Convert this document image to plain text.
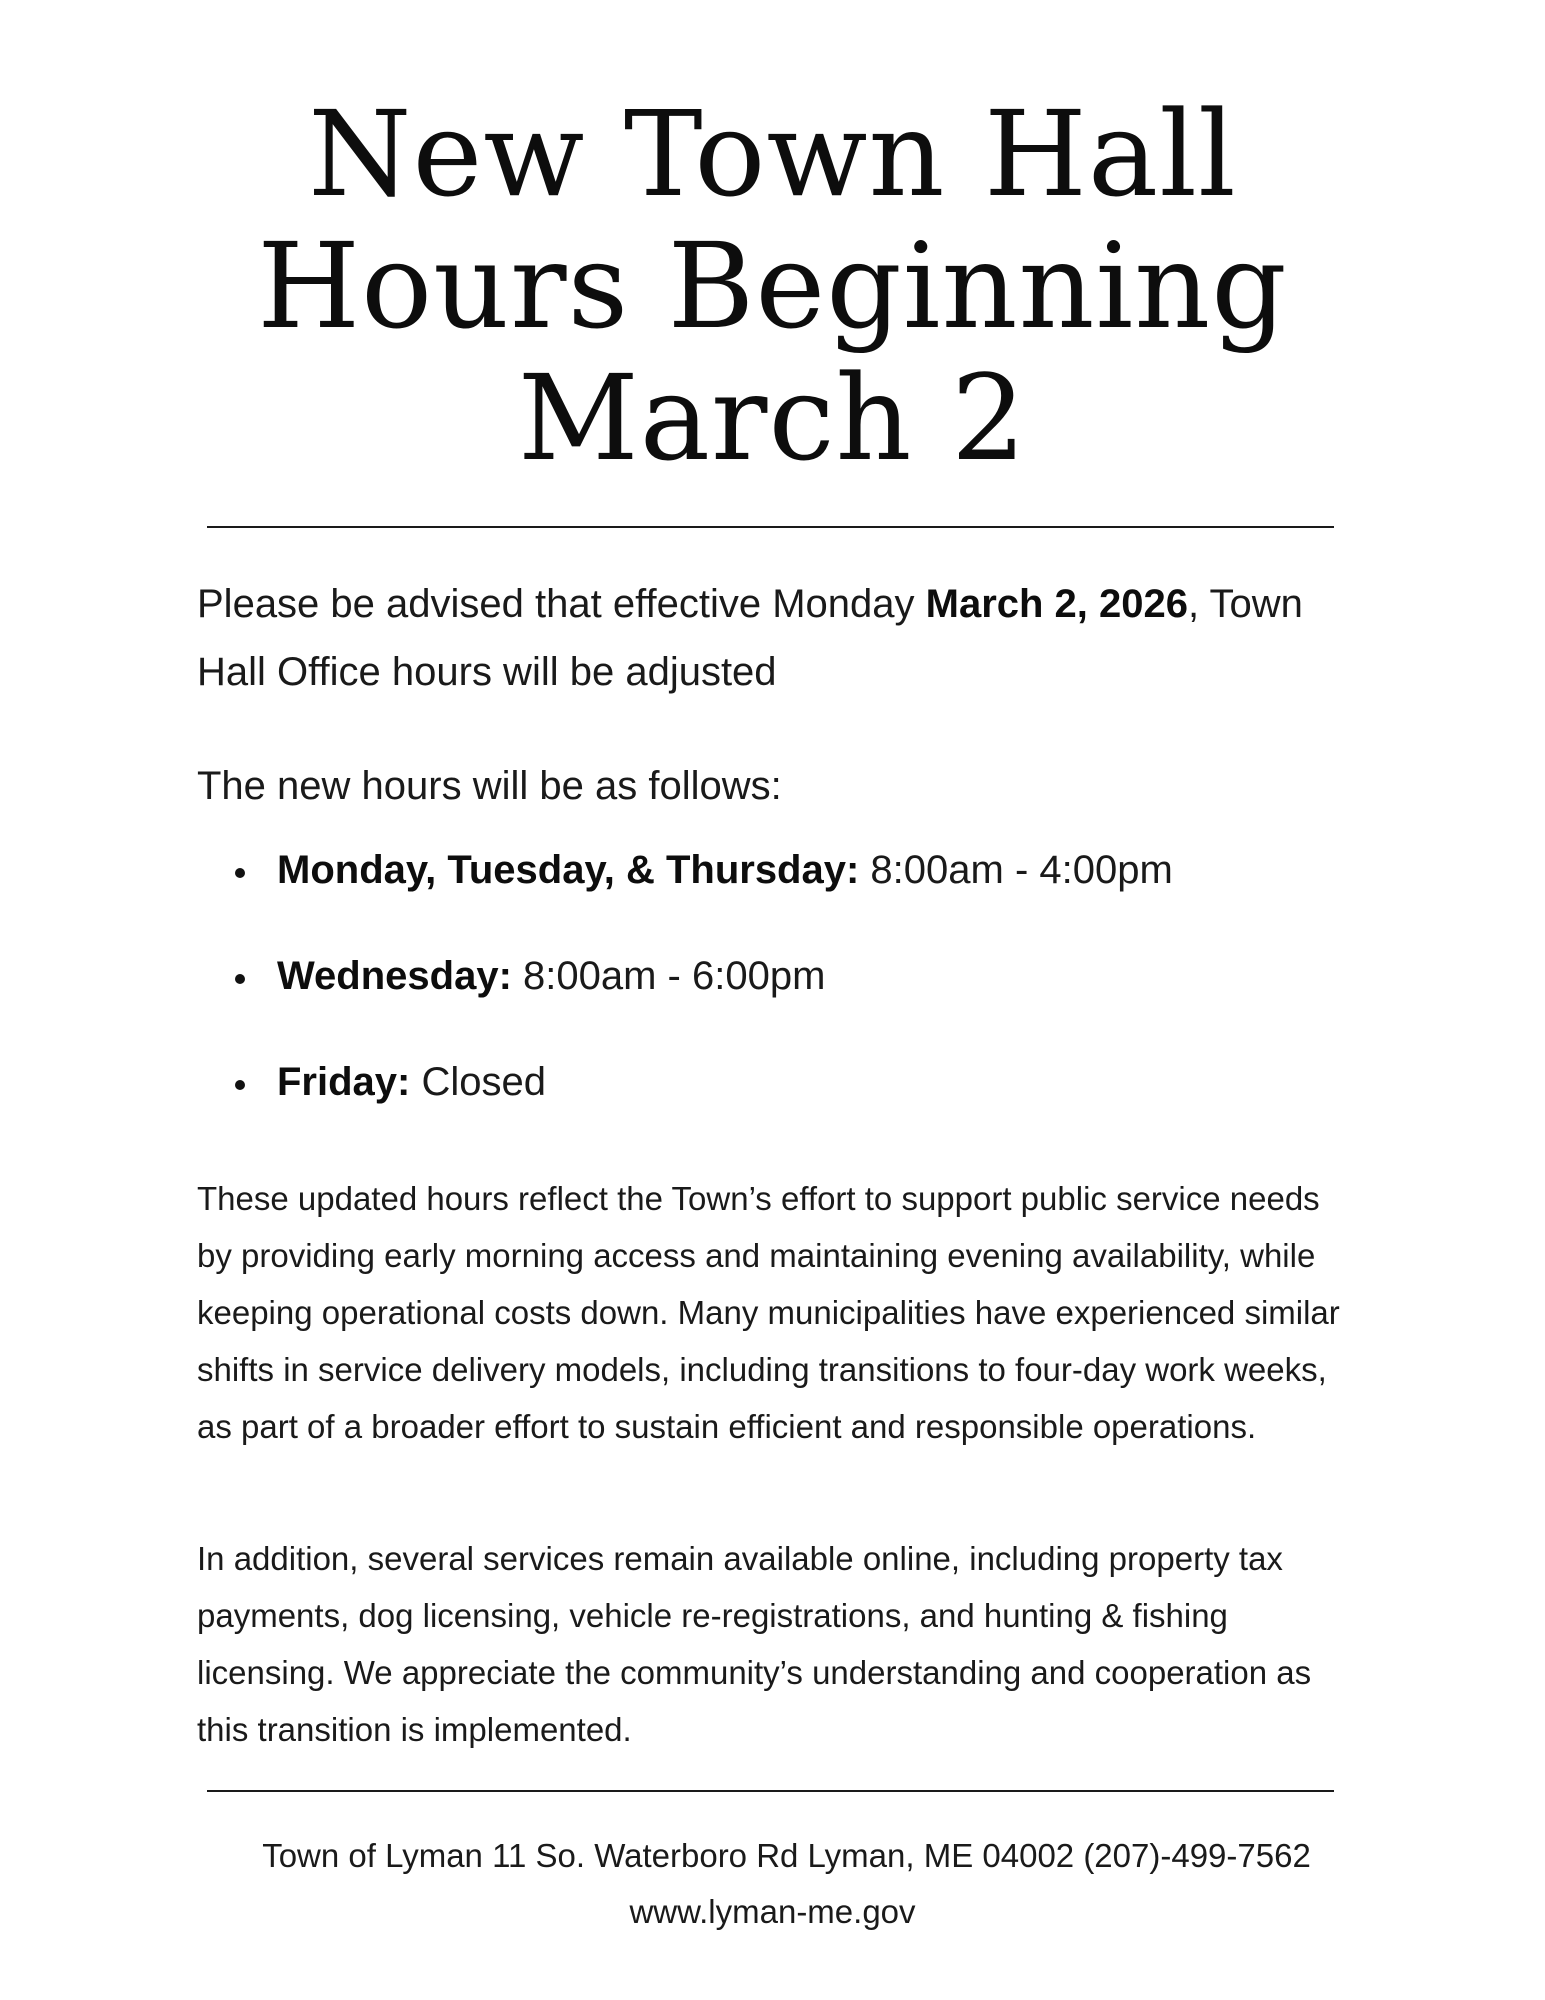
New Town Hall
Hours Beginning
March 2

Please be advised that effective Monday March 2, 2026, Town Hall Office hours will be adjusted

The new hours will be as follows:

Monday, Tuesday, & Thursday: 8:00am - 4:00pm
Wednesday: 8:00am - 6:00pm
Friday: Closed

These updated hours reflect the Town’s effort to support public service needs by providing early morning access and maintaining evening availability, while keeping operational costs down. Many municipalities have experienced similar shifts in service delivery models, including transitions to four-day work weeks, as part of a broader effort to sustain efficient and responsible operations.

In addition, several services remain available online, including property tax payments, dog licensing, vehicle re-registrations, and hunting & fishing licensing. We appreciate the community’s understanding and cooperation as this transition is implemented.

Town of Lyman 11 So. Waterboro Rd Lyman, ME 04002 (207)-499-7562

www.lyman-me.gov
